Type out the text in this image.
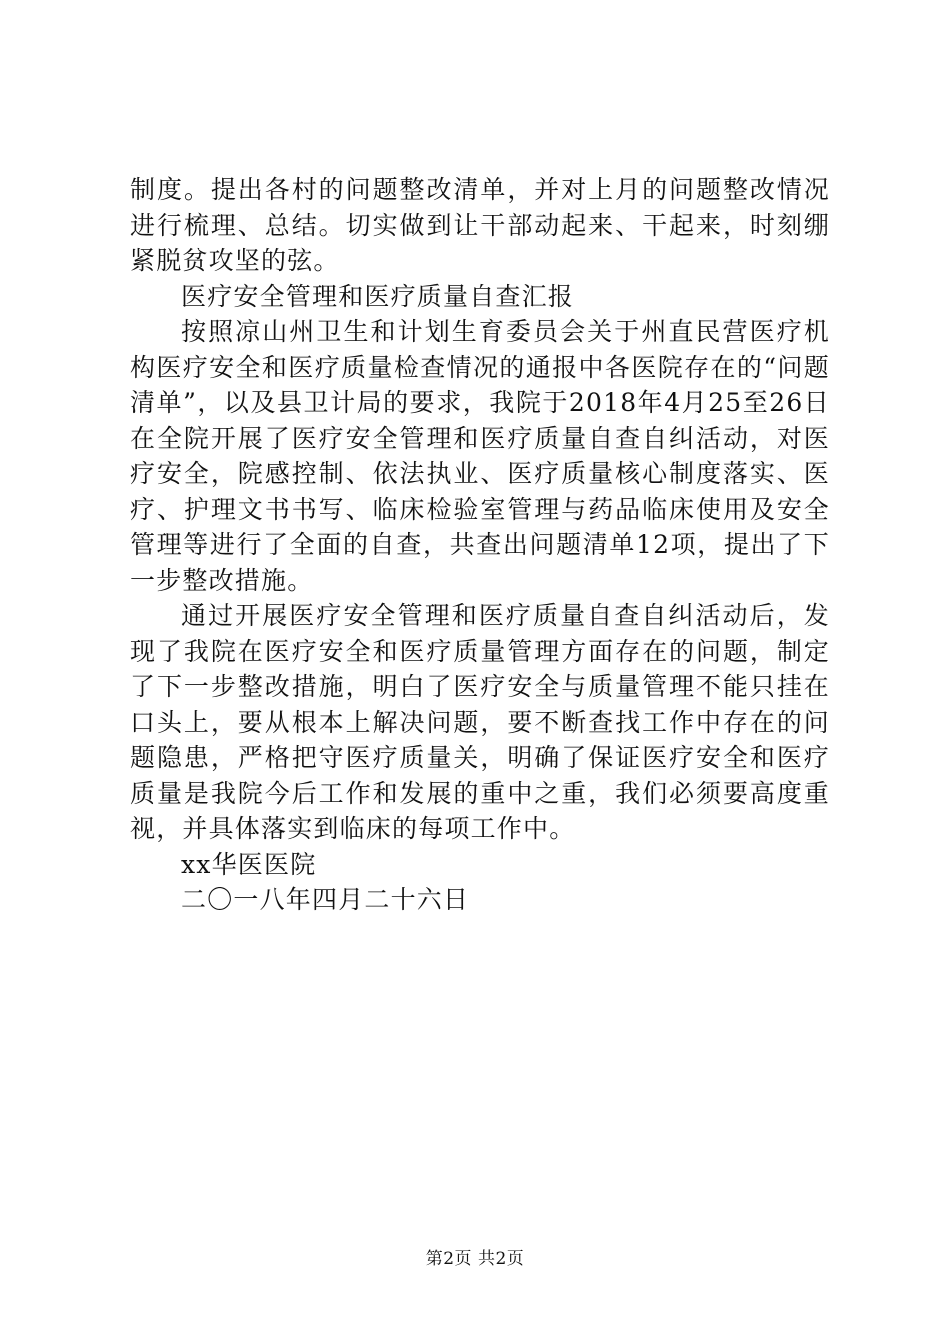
制度。提出各村的问题整改清单，并对上月的问题整改情况进行梳理、总结。切实做到让干部动起来、干起来，时刻绷紧脱贫攻坚的弦。

医疗安全管理和医疗质量自查汇报

按照凉山州卫生和计划生育委员会关于州直民营医疗机构医疗安全和医疗质量检查情况的通报中各医院存在的“问题清单”，以及县卫计局的要求，我院于2018年4月25至26日在全院开展了医疗安全管理和医疗质量自查自纠活动，对医疗安全，院感控制、依法执业、医疗质量核心制度落实、医疗、护理文书书写、临床检验室管理与药品临床使用及安全管理等进行了全面的自查，共查出问题清单12项，提出了下一步整改措施。

通过开展医疗安全管理和医疗质量自查自纠活动后，发现了我院在医疗安全和医疗质量管理方面存在的问题，制定了下一步整改措施，明白了医疗安全与质量管理不能只挂在口头上，要从根本上解决问题，要不断查找工作中存在的问题隐患，严格把守医疗质量关，明确了保证医疗安全和医疗质量是我院今后工作和发展的重中之重，我们必须要高度重视，并具体落实到临床的每项工作中。

xx华医医院

二〇一八年四月二十六日

第2页 共2页
